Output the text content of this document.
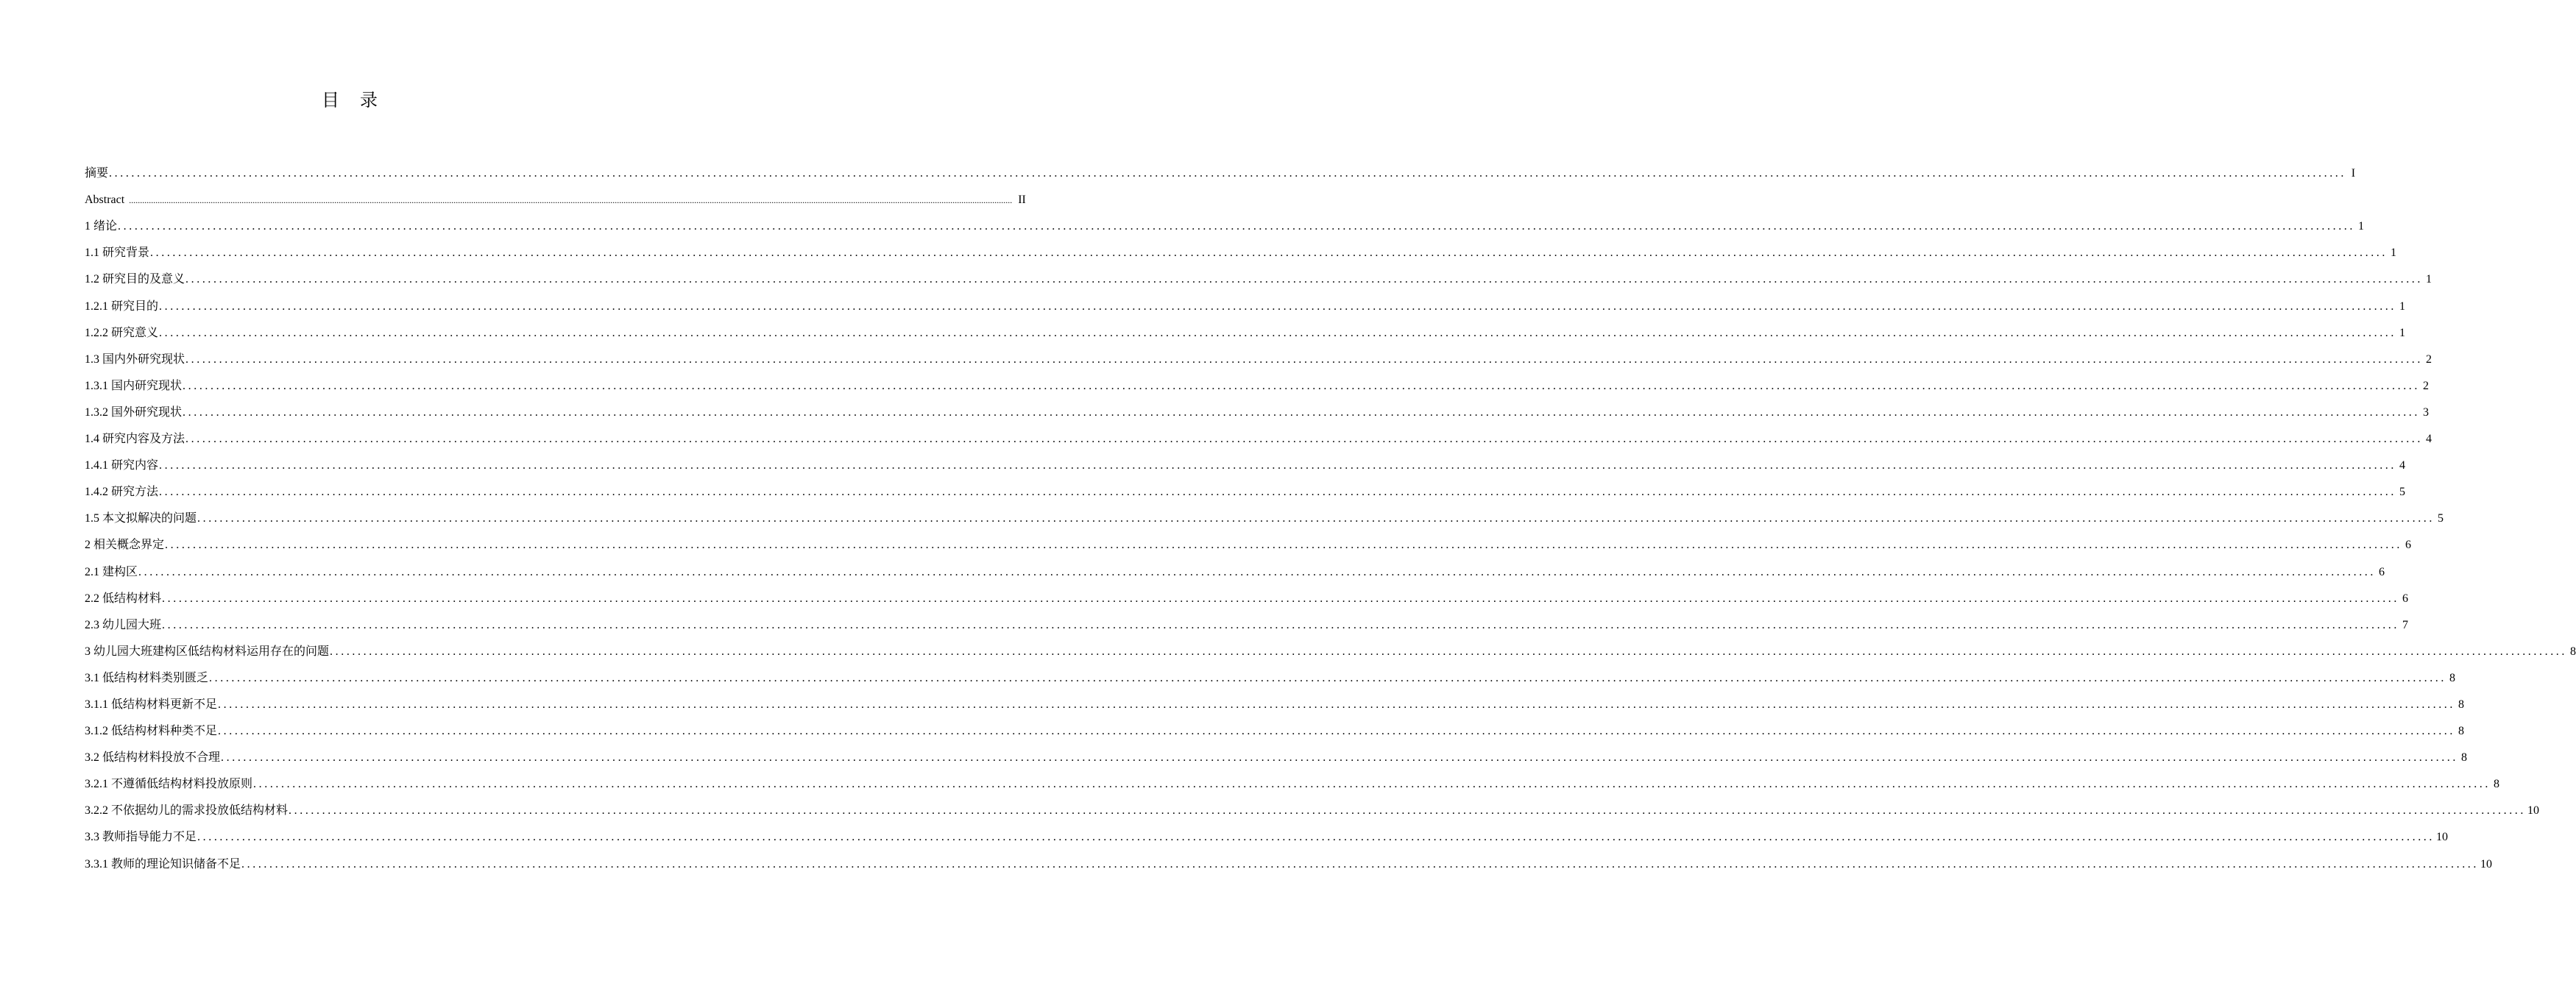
目录
摘要 ................................................................................................................................................................................................................................................................................................................................................................................................................ I
Abstract ................................................................................................................................................................................................................................................................................................................................................................................................................ II
1 绪论 ................................................................................................................................................................................................................................................................................................................................................................................................................ 1
1.1 研究背景 ................................................................................................................................................................................................................................................................................................................................................................................................................ 1
1.2 研究目的及意义 ................................................................................................................................................................................................................................................................................................................................................................................................................ 1
1.2.1 研究目的 ................................................................................................................................................................................................................................................................................................................................................................................................................ 1
1.2.2 研究意义 ................................................................................................................................................................................................................................................................................................................................................................................................................ 1
1.3 国内外研究现状 ................................................................................................................................................................................................................................................................................................................................................................................................................ 2
1.3.1 国内研究现状 ................................................................................................................................................................................................................................................................................................................................................................................................................ 2
1.3.2 国外研究现状 ................................................................................................................................................................................................................................................................................................................................................................................................................ 3
1.4 研究内容及方法 ................................................................................................................................................................................................................................................................................................................................................................................................................ 4
1.4.1 研究内容 ................................................................................................................................................................................................................................................................................................................................................................................................................ 4
1.4.2 研究方法 ................................................................................................................................................................................................................................................................................................................................................................................................................ 5
1.5 本文拟解决的问题 ................................................................................................................................................................................................................................................................................................................................................................................................................ 5
2 相关概念界定 ................................................................................................................................................................................................................................................................................................................................................................................................................ 6
2.1 建构区 ................................................................................................................................................................................................................................................................................................................................................................................................................ 6
2.2 低结构材料 ................................................................................................................................................................................................................................................................................................................................................................................................................ 6
2.3 幼儿园大班 ................................................................................................................................................................................................................................................................................................................................................................................................................ 7
3 幼儿园大班建构区低结构材料运用存在的问题 ................................................................................................................................................................................................................................................................................................................................................................................................................ 8
3.1 低结构材料类别匮乏 ................................................................................................................................................................................................................................................................................................................................................................................................................ 8
3.1.1 低结构材料更新不足 ................................................................................................................................................................................................................................................................................................................................................................................................................ 8
3.1.2 低结构材料种类不足 ................................................................................................................................................................................................................................................................................................................................................................................................................ 8
3.2 低结构材料投放不合理 ................................................................................................................................................................................................................................................................................................................................................................................................................ 8
3.2.1 不遵循低结构材料投放原则 ................................................................................................................................................................................................................................................................................................................................................................................................................ 8
3.2.2 不依据幼儿的需求投放低结构材料 ................................................................................................................................................................................................................................................................................................................................................................................................................ 10
3.3 教师指导能力不足 ................................................................................................................................................................................................................................................................................................................................................................................................................ 10
3.3.1 教师的理论知识储备不足 ................................................................................................................................................................................................................................................................................................................................................................................................................ 10
